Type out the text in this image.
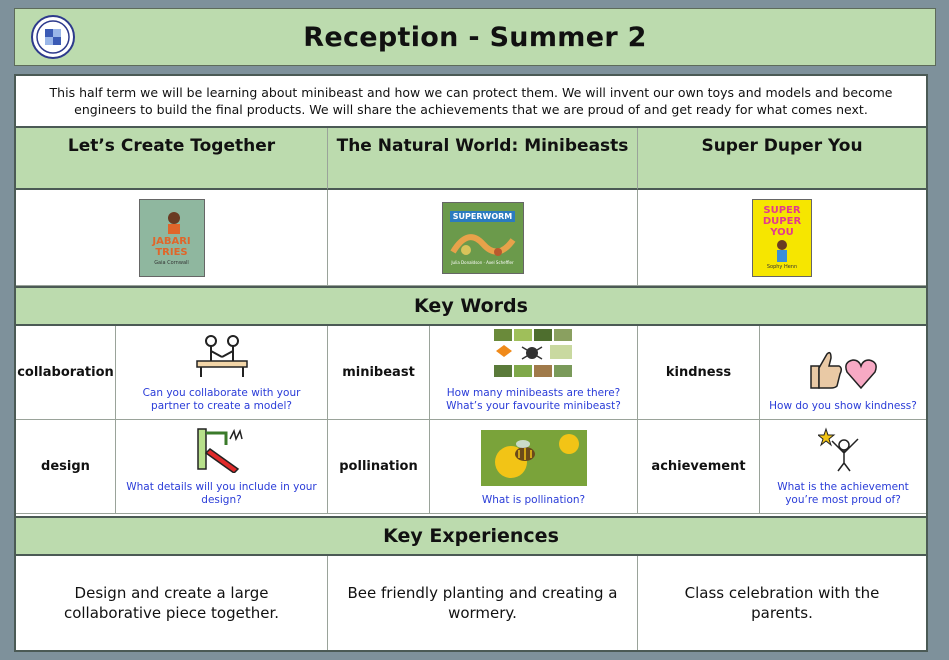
Reception - Summer 2
This half term we will be learning about minibeast and how we can protect them. We will invent our own toys and models and become engineers to build the final products. We will share the achievements that we are proud of and get ready for what comes next.
Let’s Create Together	The Natural World: Minibeasts	Super Duper You
JABARI TRIES
Gaia Cornwall
SUPERWORM
Julia Donaldson · Axel Scheffler
SUPER DUPER YOU
Sophy Henn
Key Words
collaboration
Can you collaborate with your partner to create a model?
minibeast
How many minibeasts are there? What’s your favourite minibeast?
kindness
How do you show kindness?
design
What details will you include in your design?
pollination
What is pollination?
achievement
What is the achievement you’re most proud of?
Key Experiences
Design and create a large collaborative piece together.
Bee friendly planting and creating a wormery.
Class celebration with the parents.
